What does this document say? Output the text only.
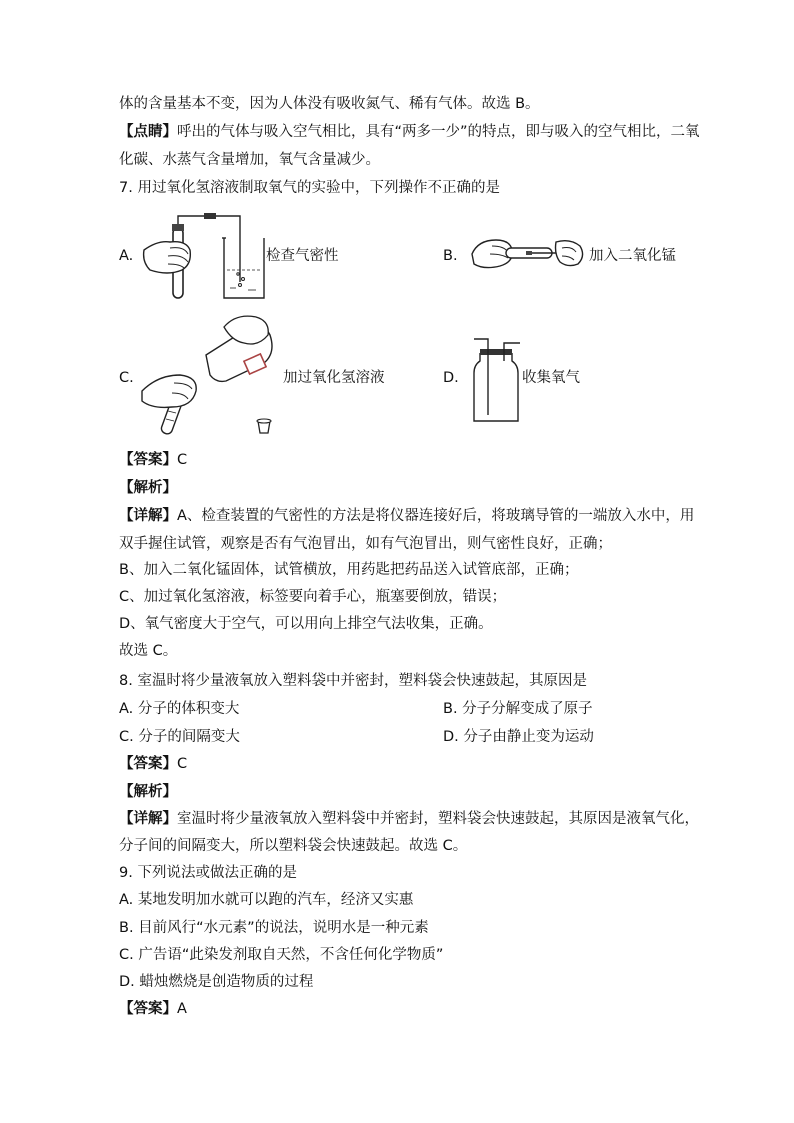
体的含量基本不变，因为人体没有吸收氮气、稀有气体。故选 B。
【点睛】呼出的气体与吸入空气相比，具有“两多一少”的特点，即与吸入的空气相比，二氧
化碳、水蒸气含量增加，氧气含量减少。
7. 用过氧化氢溶液制取氧气的实验中，下列操作不正确的是
A.	检查气密性	B.	加入二氧化锰
C.	加过氧化氢溶液	D.	收集氧气
【答案】C
【解析】
【详解】A、检查装置的气密性的方法是将仪器连接好后，将玻璃导管的一端放入水中，用
双手握住试管，观察是否有气泡冒出，如有气泡冒出，则气密性良好，正确；
B、加入二氧化锰固体，试管横放，用药匙把药品送入试管底部，正确；
C、加过氧化氢溶液，标签要向着手心，瓶塞要倒放，错误；
D、氧气密度大于空气，可以用向上排空气法收集，正确。
故选 C。
8. 室温时将少量液氧放入塑料袋中并密封，塑料袋会快速鼓起，其原因是
A. 分子的体积变大	B. 分子分解变成了原子
C. 分子的间隔变大	D. 分子由静止变为运动
【答案】C
【解析】
【详解】室温时将少量液氧放入塑料袋中并密封，塑料袋会快速鼓起，其原因是液氧气化，
分子间的间隔变大，所以塑料袋会快速鼓起。故选 C。
9. 下列说法或做法正确的是
A. 某地发明加水就可以跑的汽车，经济又实惠
B. 目前风行“水元素”的说法，说明水是一种元素
C. 广告语“此染发剂取自天然，不含任何化学物质”
D. 蜡烛燃烧是创造物质的过程
【答案】A
